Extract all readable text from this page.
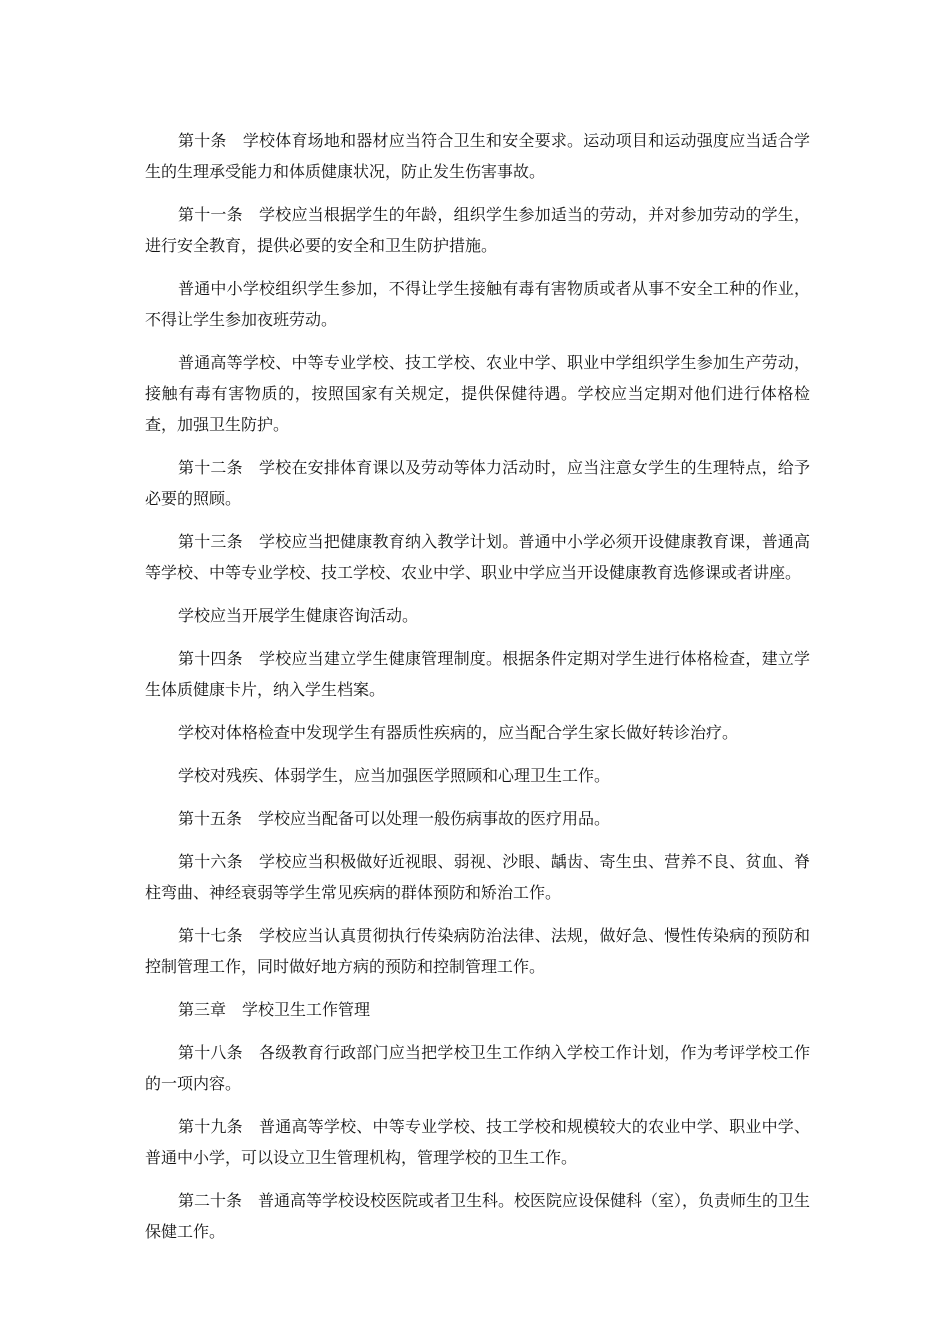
第十条　学校体育场地和器材应当符合卫生和安全要求。运动项目和运动强度应当适合学生的生理承受能力和体质健康状况，防止发生伤害事故。

第十一条　学校应当根据学生的年龄，组织学生参加适当的劳动，并对参加劳动的学生，进行安全教育，提供必要的安全和卫生防护措施。

普通中小学校组织学生参加，不得让学生接触有毒有害物质或者从事不安全工种的作业，不得让学生参加夜班劳动。

普通高等学校、中等专业学校、技工学校、农业中学、职业中学组织学生参加生产劳动，接触有毒有害物质的，按照国家有关规定，提供保健待遇。学校应当定期对他们进行体格检查，加强卫生防护。

第十二条　学校在安排体育课以及劳动等体力活动时，应当注意女学生的生理特点，给予必要的照顾。

第十三条　学校应当把健康教育纳入教学计划。普通中小学必须开设健康教育课，普通高等学校、中等专业学校、技工学校、农业中学、职业中学应当开设健康教育选修课或者讲座。

学校应当开展学生健康咨询活动。

第十四条　学校应当建立学生健康管理制度。根据条件定期对学生进行体格检查，建立学生体质健康卡片，纳入学生档案。

学校对体格检查中发现学生有器质性疾病的，应当配合学生家长做好转诊治疗。

学校对残疾、体弱学生，应当加强医学照顾和心理卫生工作。

第十五条　学校应当配备可以处理一般伤病事故的医疗用品。

第十六条　学校应当积极做好近视眼、弱视、沙眼、龋齿、寄生虫、营养不良、贫血、脊柱弯曲、神经衰弱等学生常见疾病的群体预防和矫治工作。

第十七条　学校应当认真贯彻执行传染病防治法律、法规，做好急、慢性传染病的预防和控制管理工作，同时做好地方病的预防和控制管理工作。

第三章　学校卫生工作管理

第十八条　各级教育行政部门应当把学校卫生工作纳入学校工作计划，作为考评学校工作的一项内容。

第十九条　普通高等学校、中等专业学校、技工学校和规模较大的农业中学、职业中学、普通中小学，可以设立卫生管理机构，管理学校的卫生工作。

第二十条　普通高等学校设校医院或者卫生科。校医院应设保健科（室），负责师生的卫生保健工作。
